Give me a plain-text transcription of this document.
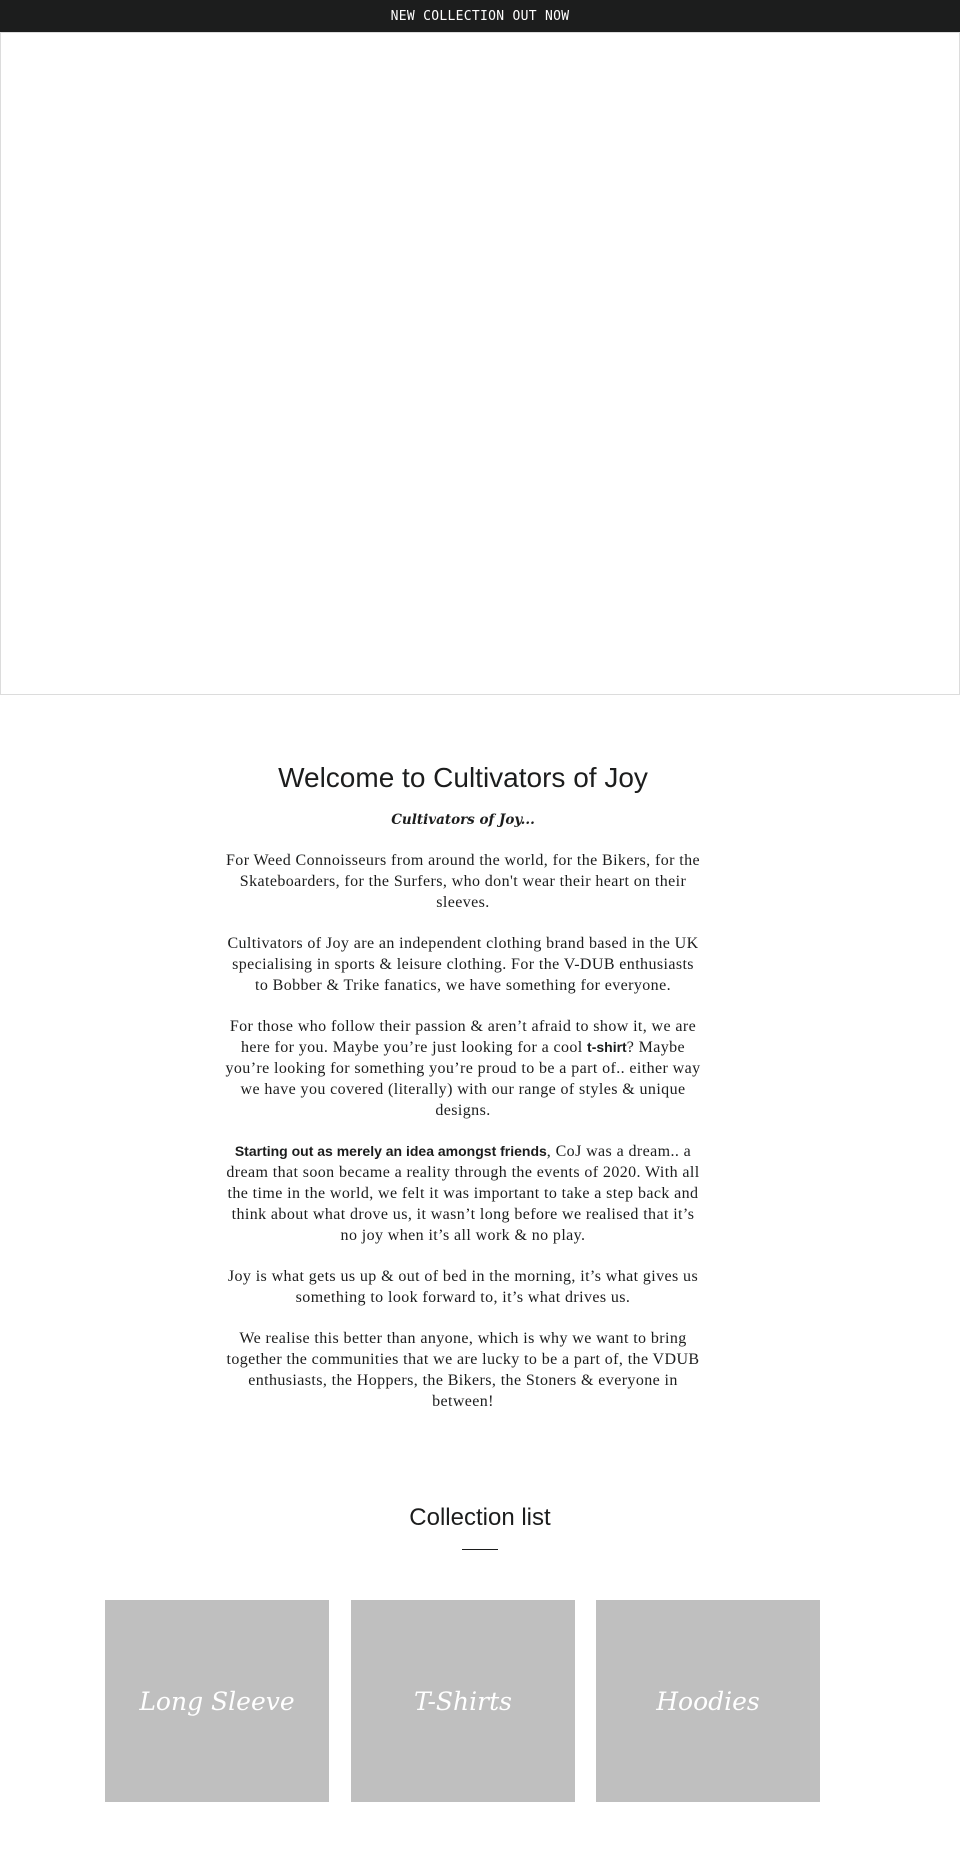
NEW COLLECTION OUT NOW
Welcome to Cultivators of Joy

Cultivators of Joy...

For Weed Connoisseurs from around the world, for the Bikers, for the Skateboarders, for the Surfers, who don't wear their heart on their sleeves.

Cultivators of Joy are an independent clothing brand based in the UK specialising in sports & leisure clothing. For the V-DUB enthusiasts to Bobber & Trike fanatics, we have something for everyone.

For those who follow their passion & aren’t afraid to show it, we are here for you. Maybe you’re just looking for a cool t-shirt? Maybe you’re looking for something you’re proud to be a part of.. either way we have you covered (literally) with our range of styles & unique designs.

Starting out as merely an idea amongst friends, CoJ was a dream.. a dream that soon became a reality through the events of 2020. With all the time in the world, we felt it was important to take a step back and think about what drove us, it wasn’t long before we realised that it’s no joy when it’s all work & no play.

Joy is what gets us up & out of bed in the morning, it’s what gives us something to look forward to, it’s what drives us.

We realise this better than anyone, which is why we want to bring together the communities that we are lucky to be a part of, the VDUB enthusiasts, the Hoppers, the Bikers, the Stoners & everyone in between!

Collection list
Long Sleeve	T-Shirts	Hoodies
